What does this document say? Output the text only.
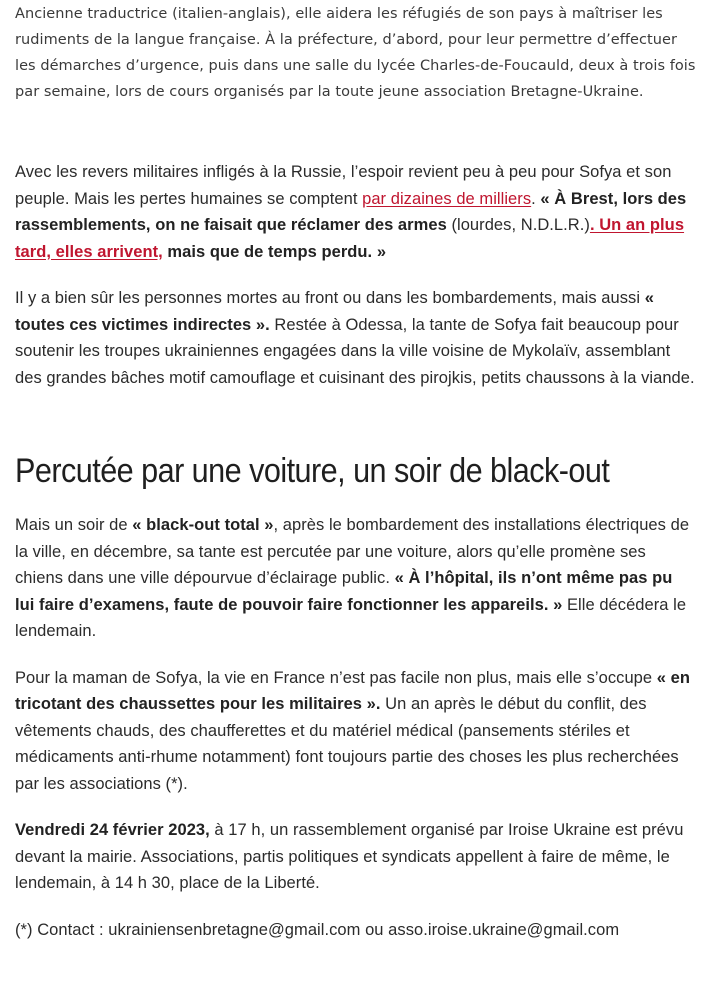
Ancienne traductrice (italien-anglais), elle aidera les réfugiés de son pays à maîtriser les rudiments de la langue française. À la préfecture, d’abord, pour leur permettre d’effectuer les démarches d’urgence, puis dans une salle du lycée Charles-de-Foucauld, deux à trois fois par semaine, lors de cours organisés par la toute jeune association Bretagne-Ukraine.

Avec les revers militaires infligés à la Russie, l’espoir revient peu à peu pour Sofya et son peuple. Mais les pertes humaines se comptent par dizaines de milliers. « À Brest, lors des rassemblements, on ne faisait que réclamer des armes (lourdes, N.D.L.R.). Un an plus tard, elles arrivent, mais que de temps perdu. »

Il y a bien sûr les personnes mortes au front ou dans les bombardements, mais aussi « toutes ces victimes indirectes ». Restée à Odessa, la tante de Sofya fait beaucoup pour soutenir les troupes ukrainiennes engagées dans la ville voisine de Mykolaïv, assemblant des grandes bâches motif camouflage et cuisinant des pirojkis, petits chaussons à la viande.

Percutée par une voiture, un soir de black-out

Mais un soir de « black-out total », après le bombardement des installations électriques de la ville, en décembre, sa tante est percutée par une voiture, alors qu’elle promène ses chiens dans une ville dépourvue d’éclairage public. « À l’hôpital, ils n’ont même pas pu lui faire d’examens, faute de pouvoir faire fonctionner les appareils. » Elle décédera le lendemain.

Pour la maman de Sofya, la vie en France n’est pas facile non plus, mais elle s’occupe « en tricotant des chaussettes pour les militaires ». Un an après le début du conflit, des vêtements chauds, des chaufferettes et du matériel médical (pansements stériles et médicaments anti-rhume notamment) font toujours partie des choses les plus recherchées par les associations (*).

Vendredi 24 février 2023, à 17 h, un rassemblement organisé par Iroise Ukraine est prévu devant la mairie. Associations, partis politiques et syndicats appellent à faire de même, le lendemain, à 14 h 30, place de la Liberté.

(*) Contact : ukrainiensenbretagne@gmail.com ou asso.iroise.ukraine@gmail.com
